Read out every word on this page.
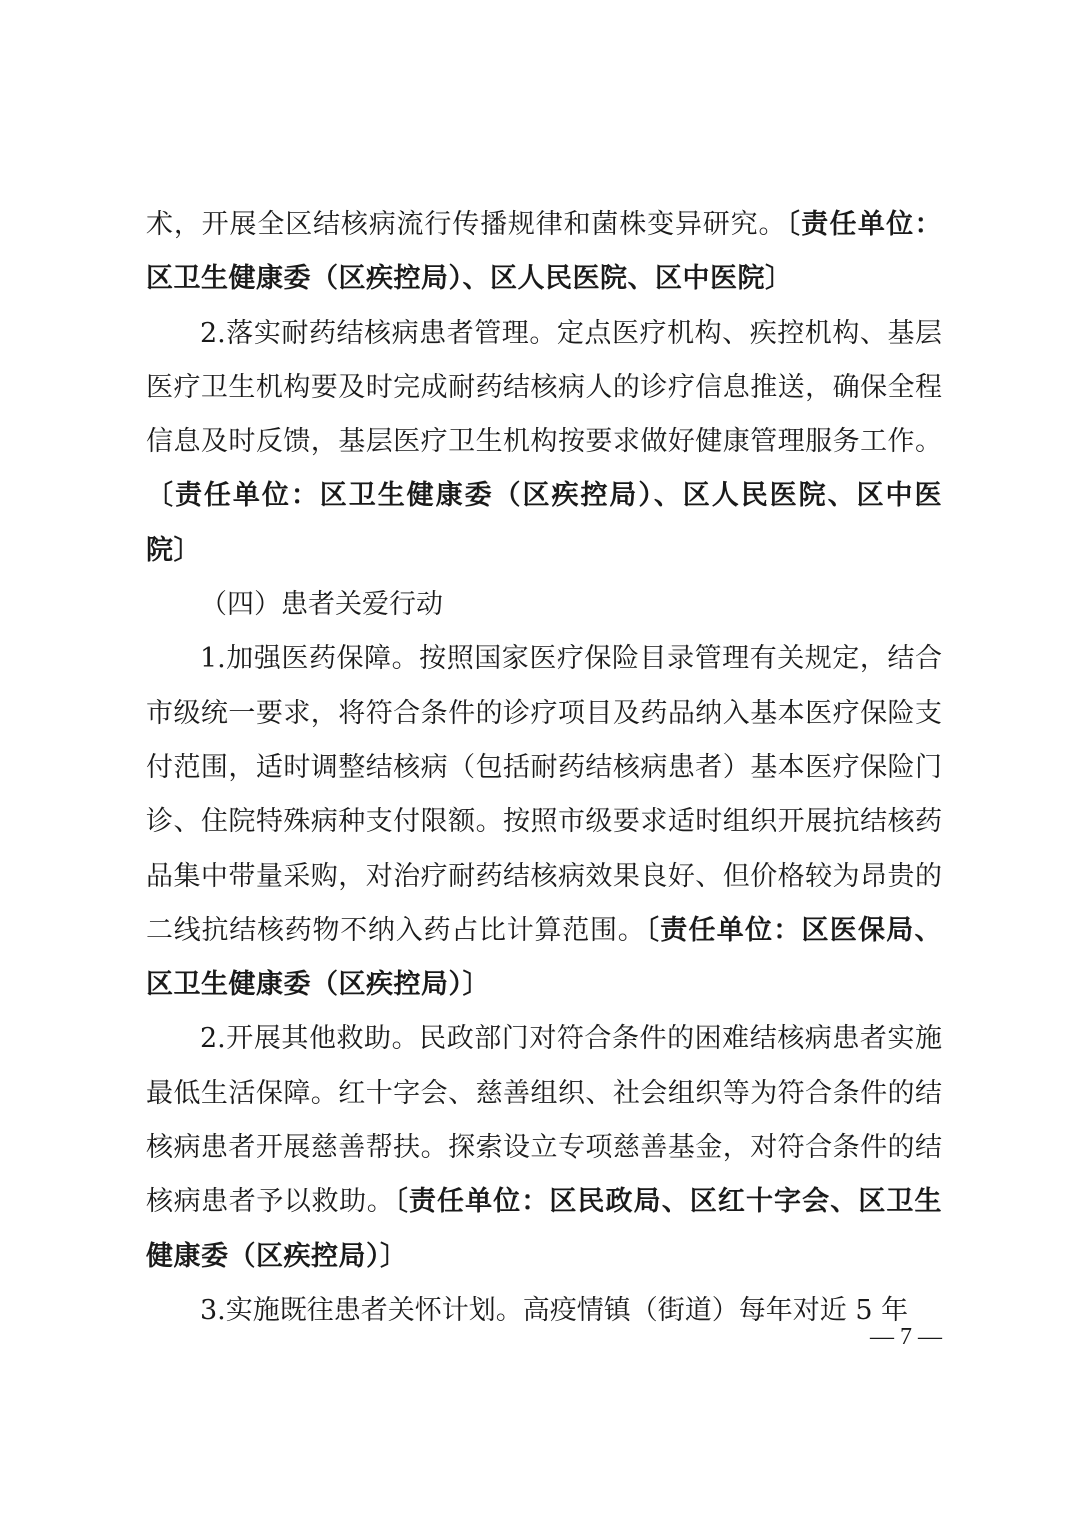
术，开展全区结核病流行传播规律和菌株变异研究。〔责任单位：区卫生健康委（区疾控局）、区人民医院、区中医院〕

2.落实耐药结核病患者管理。定点医疗机构、疾控机构、基层医疗卫生机构要及时完成耐药结核病人的诊疗信息推送，确保全程信息及时反馈，基层医疗卫生机构按要求做好健康管理服务工作。〔责任单位：区卫生健康委（区疾控局）、区人民医院、区中医院〕

（四）患者关爱行动

1.加强医药保障。按照国家医疗保险目录管理有关规定，结合市级统一要求，将符合条件的诊疗项目及药品纳入基本医疗保险支付范围，适时调整结核病（包括耐药结核病患者）基本医疗保险门诊、住院特殊病种支付限额。按照市级要求适时组织开展抗结核药品集中带量采购，对治疗耐药结核病效果良好、但价格较为昂贵的二线抗结核药物不纳入药占比计算范围。〔责任单位：区医保局、区卫生健康委（区疾控局）〕

2.开展其他救助。民政部门对符合条件的困难结核病患者实施最低生活保障。红十字会、慈善组织、社会组织等为符合条件的结核病患者开展慈善帮扶。探索设立专项慈善基金，对符合条件的结核病患者予以救助。〔责任单位：区民政局、区红十字会、区卫生健康委（区疾控局）〕

3.实施既往患者关怀计划。高疫情镇（街道）每年对近 5 年

— 7 —
